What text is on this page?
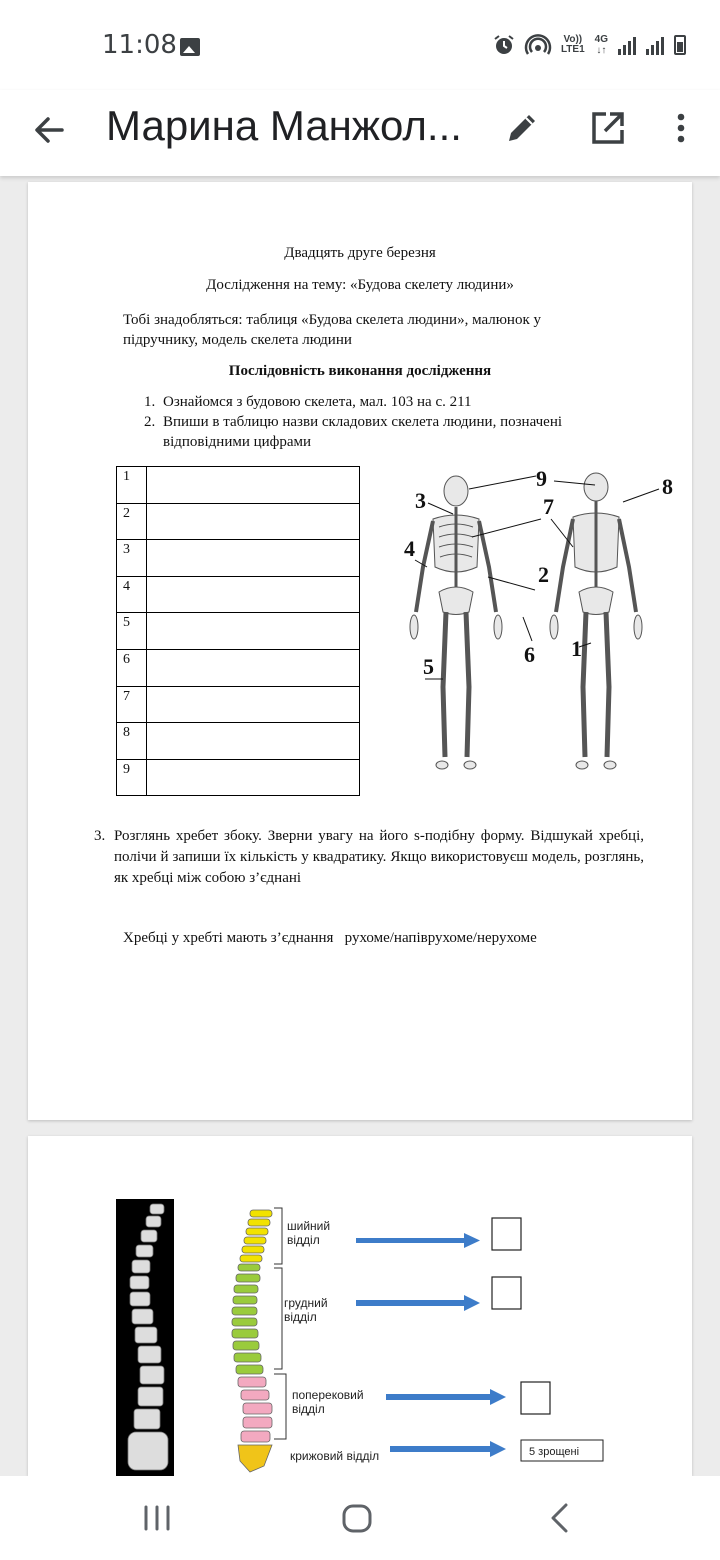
11:08	Vo))
LTE1
4G
↓↑
Марина Манжол...
Двадцять друге березня
Дослідження на тему: «Будова скелету людини»
Тобі знадобляться: таблиця «Будова скелета людини», малюнок у підручнику, модель скелета людини
Послідовність виконання дослідження
1. Ознайомся з будовою скелета, мал. 103 на с. 211
2. Впиши в таблицю назви складових скелета людини, позначені відповідними цифрами
1	
2	
3	
4	
5	
6	
7	
8	
9	
9	8
3	7
4
2
6 1
5
3. Розглянь хребет збоку. Зверни увагу на його s-подібну форму. Відшукай хребці, полічи й запиши їх кількість у квадратику. Якщо використовуєш модель, розглянь, як хребці між собою з’єднані
Хребці у хребті мають з’єднання   рухоме/напіврухоме/нерухоме
шийний
відділ
грудний
відділ
поперековий
відділ
крижовий відділ	5 зрощені
